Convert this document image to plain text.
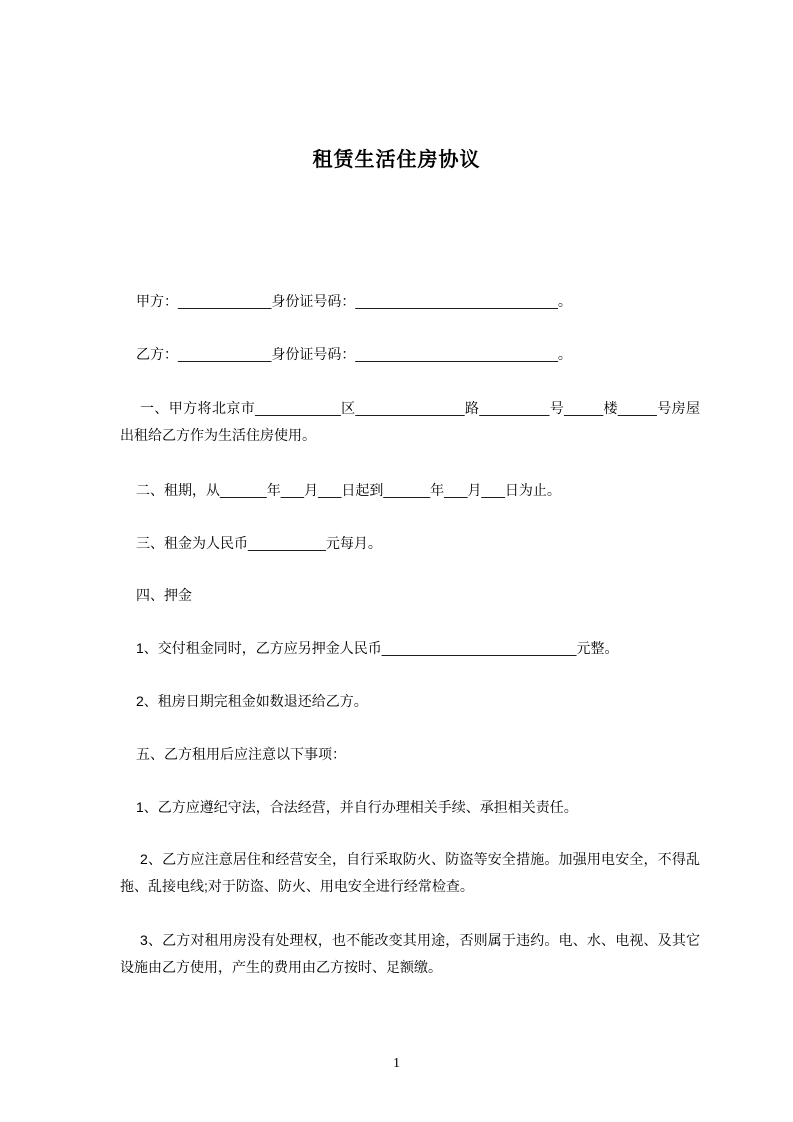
租赁生活住房协议

甲方：____________身份证号码：__________________________。

乙方：____________身份证号码：__________________________。

一、甲方将北京市___________区______________路_________号_____楼_____号房屋出租给乙方作为生活住房使用。

二、租期，从______年___月___日起到______年___月___日为止。

三、租金为人民币__________元每月。

四、押金

1、交付租金同时，乙方应另押金人民币_________________________元整。

2、租房日期完租金如数退还给乙方。

五、乙方租用后应注意以下事项：

1、乙方应遵纪守法，合法经营，并自行办理相关手续、承担相关责任。

2、乙方应注意居住和经营安全，自行采取防火、防盗等安全措施。加强用电安全，不得乱拖、乱接电线;对于防盗、防火、用电安全进行经常检查。

3、乙方对租用房没有处理权，也不能改变其用途，否则属于违约。电、水、电视、及其它设施由乙方使用，产生的费用由乙方按时、足额缴。

1
